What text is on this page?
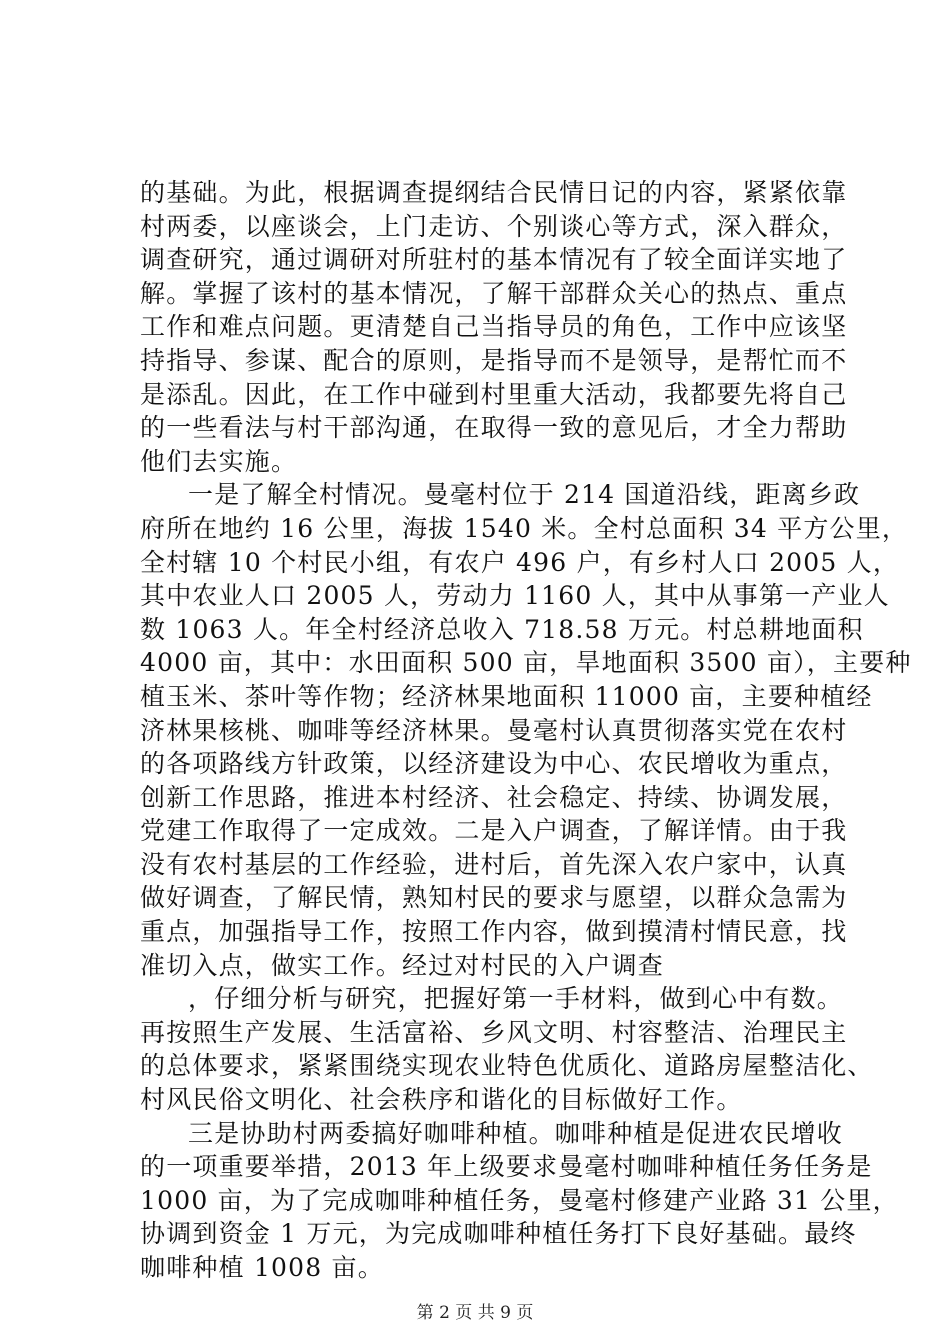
的基础。为此，根据调查提纲结合民情日记的内容，紧紧依靠
村两委，以座谈会，上门走访、个别谈心等方式，深入群众，
调查研究，通过调研对所驻村的基本情况有了较全面详实地了
解。掌握了该村的基本情况，了解干部群众关心的热点、重点
工作和难点问题。更清楚自己当指导员的角色，工作中应该坚
持指导、参谋、配合的原则，是指导而不是领导，是帮忙而不
是添乱。因此，在工作中碰到村里重大活动，我都要先将自己
的一些看法与村干部沟通，在取得一致的意见后，才全力帮助
他们去实施。
一是了解全村情况。曼毫村位于 214 国道沿线，距离乡政
府所在地约 16 公里，海拔 1540 米。全村总面积 34 平方公里，
全村辖 10 个村民小组，有农户 496 户，有乡村人口 2005 人，
其中农业人口 2005 人，劳动力 1160 人，其中从事第一产业人
数 1063 人。年全村经济总收入 718.58 万元。村总耕地面积
4000 亩，其中：水田面积 500 亩，旱地面积 3500 亩），主要种
植玉米、茶叶等作物；经济林果地面积 11000 亩，主要种植经
济林果核桃、咖啡等经济林果。曼毫村认真贯彻落实党在农村
的各项路线方针政策，以经济建设为中心、农民增收为重点，
创新工作思路，推进本村经济、社会稳定、持续、协调发展，
党建工作取得了一定成效。二是入户调查，了解详情。由于我
没有农村基层的工作经验，进村后，首先深入农户家中，认真
做好调查，了解民情，熟知村民的要求与愿望，以群众急需为
重点，加强指导工作，按照工作内容，做到摸清村情民意，找
准切入点，做实工作。经过对村民的入户调查
，仔细分析与研究，把握好第一手材料，做到心中有数。
再按照生产发展、生活富裕、乡风文明、村容整洁、治理民主
的总体要求，紧紧围绕实现农业特色优质化、道路房屋整洁化、
村风民俗文明化、社会秩序和谐化的目标做好工作。
三是协助村两委搞好咖啡种植。咖啡种植是促进农民增收
的一项重要举措，2013 年上级要求曼毫村咖啡种植任务任务是
1000 亩，为了完成咖啡种植任务，曼毫村修建产业路 31 公里，
协调到资金 1 万元，为完成咖啡种植任务打下良好基础。最终
咖啡种植 1008 亩。
第 2 页 共 9 页
